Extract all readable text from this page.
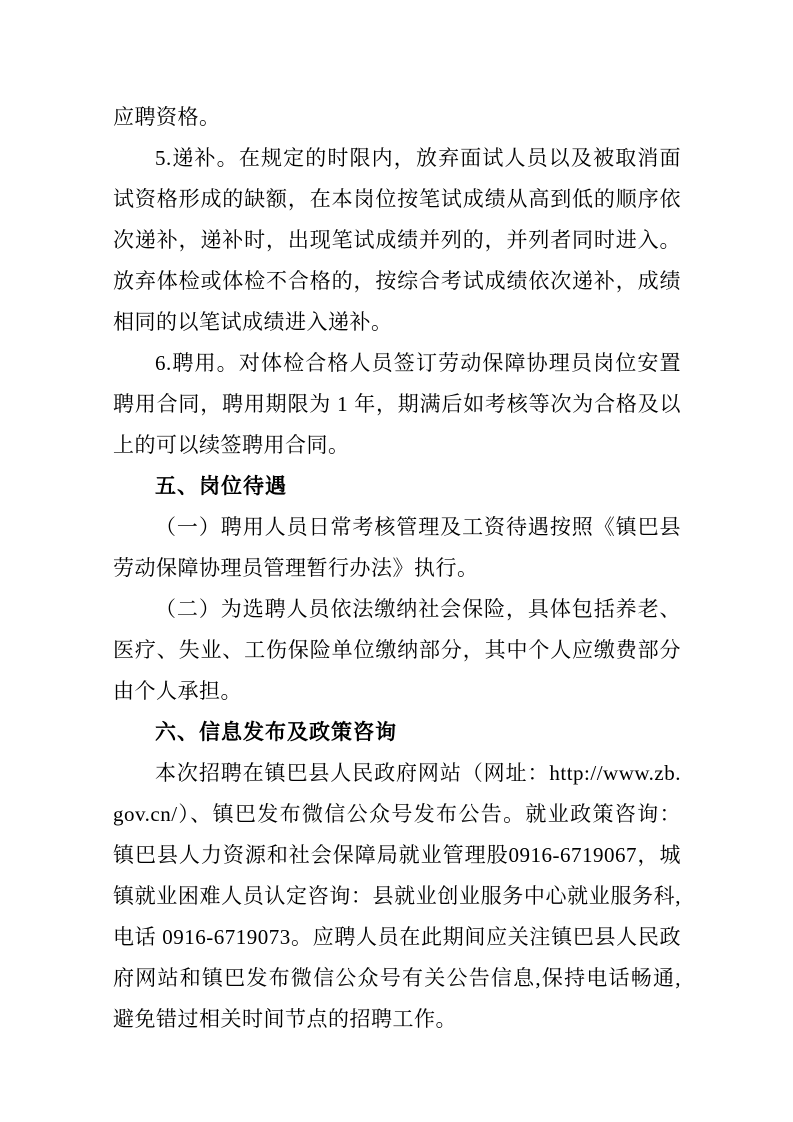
应聘资格。

5.递补。在规定的时限内，放弃面试人员以及被取消面试资格形成的缺额，在本岗位按笔试成绩从高到低的顺序依次递补，递补时，出现笔试成绩并列的，并列者同时进入。放弃体检或体检不合格的，按综合考试成绩依次递补，成绩相同的以笔试成绩进入递补。

6.聘用。对体检合格人员签订劳动保障协理员岗位安置聘用合同，聘用期限为 1 年，期满后如考核等次为合格及以上的可以续签聘用合同。

五、岗位待遇

（一）聘用人员日常考核管理及工资待遇按照《镇巴县劳动保障协理员管理暂行办法》执行。

（二）为选聘人员依法缴纳社会保险，具体包括养老、医疗、失业、工伤保险单位缴纳部分，其中个人应缴费部分由个人承担。

六、信息发布及政策咨询

本次招聘在镇巴县人民政府网站（网址：http://www.zb.gov.cn/）、镇巴发布微信公众号发布公告。就业政策咨询：镇巴县人力资源和社会保障局就业管理股0916-6719067，城镇就业困难人员认定咨询：县就业创业服务中心就业服务科,电话 0916-6719073。应聘人员在此期间应关注镇巴县人民政府网站和镇巴发布微信公众号有关公告信息,保持电话畅通,避免错过相关时间节点的招聘工作。
